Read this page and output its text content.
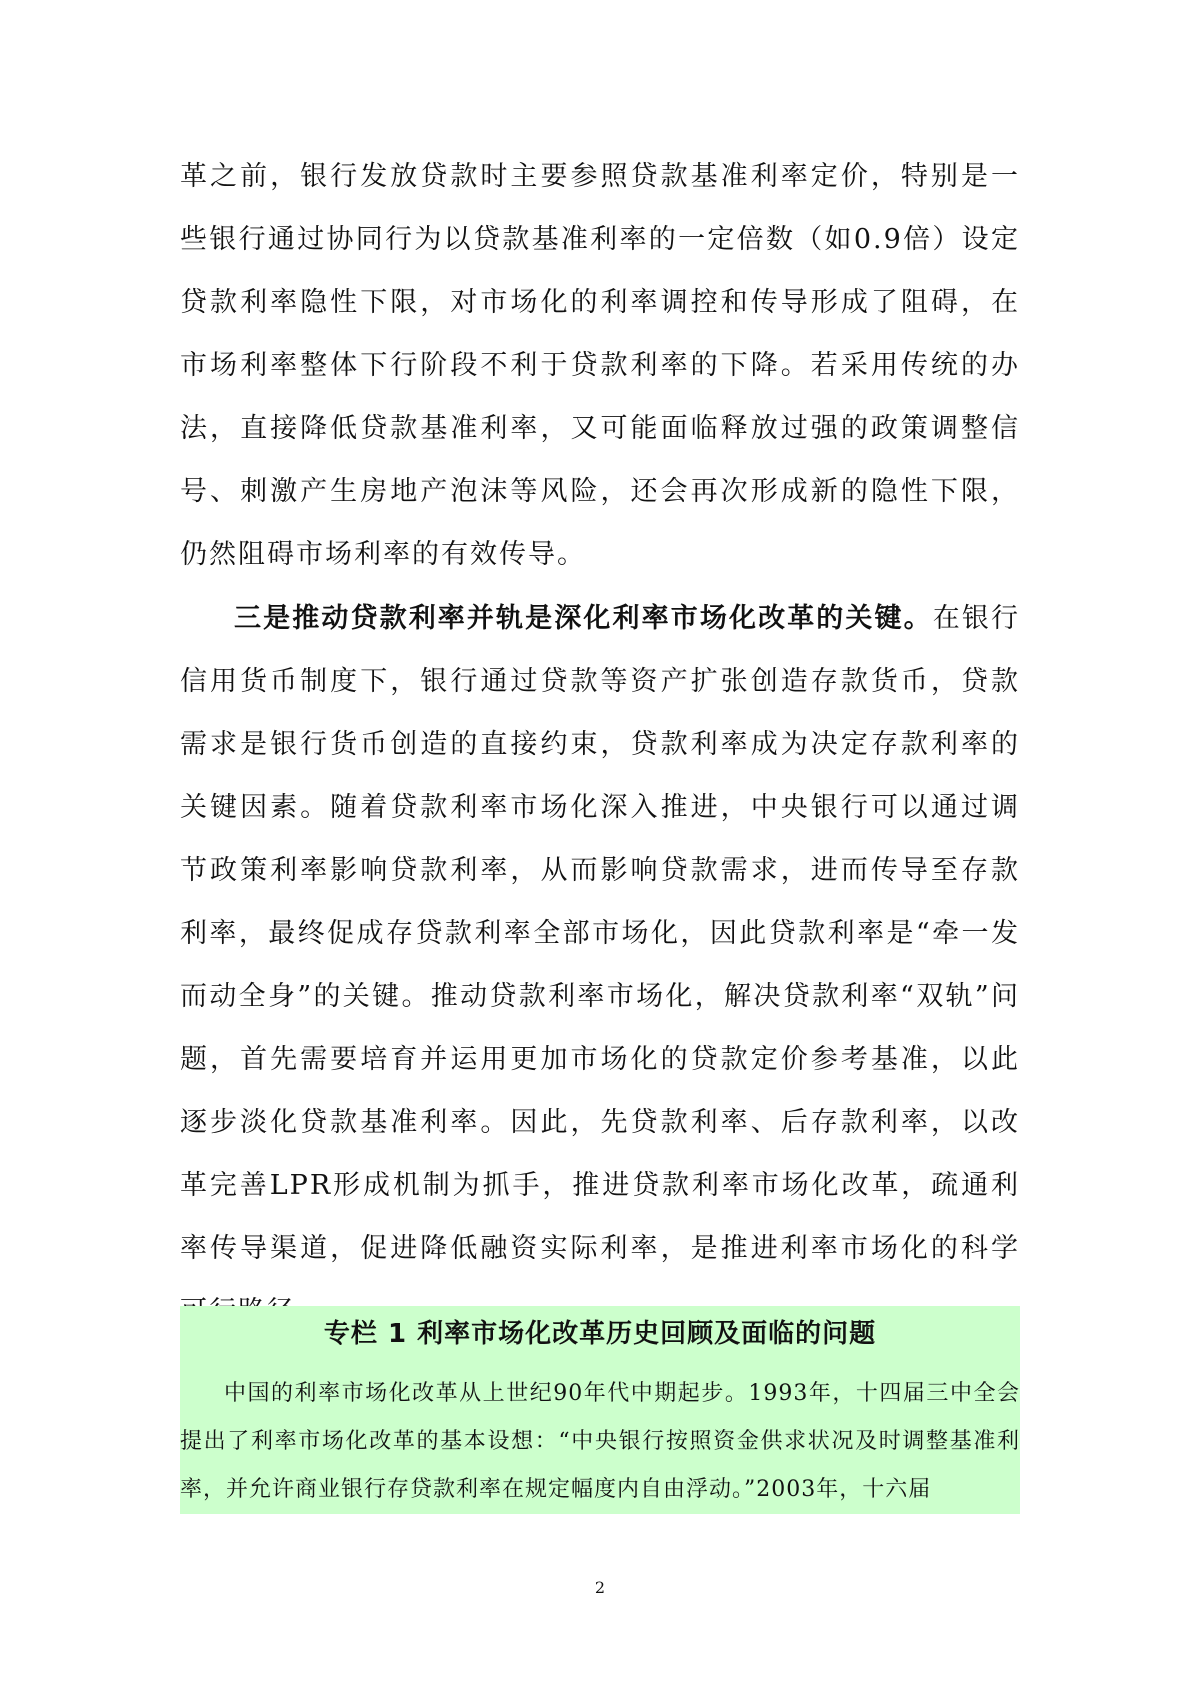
革之前，银行发放贷款时主要参照贷款基准利率定价，特别是一些银行通过协同行为以贷款基准利率的一定倍数（如0.9倍）设定贷款利率隐性下限，对市场化的利率调控和传导形成了阻碍，在市场利率整体下行阶段不利于贷款利率的下降。若采用传统的办法，直接降低贷款基准利率，又可能面临释放过强的政策调整信号、刺激产生房地产泡沫等风险，还会再次形成新的隐性下限，仍然阻碍市场利率的有效传导。

三是推动贷款利率并轨是深化利率市场化改革的关键。在银行信用货币制度下，银行通过贷款等资产扩张创造存款货币，贷款需求是银行货币创造的直接约束，贷款利率成为决定存款利率的关键因素。随着贷款利率市场化深入推进，中央银行可以通过调节政策利率影响贷款利率，从而影响贷款需求，进而传导至存款利率，最终促成存贷款利率全部市场化，因此贷款利率是“牵一发而动全身”的关键。推动贷款利率市场化，解决贷款利率“双轨”问题，首先需要培育并运用更加市场化的贷款定价参考基准，以此逐步淡化贷款基准利率。因此，先贷款利率、后存款利率，以改革完善LPR形成机制为抓手，推进贷款利率市场化改革，疏通利率传导渠道，促进降低融资实际利率，是推进利率市场化的科学

专栏 1 利率市场化改革历史回顾及面临的问题

中国的利率市场化改革从上世纪90年代中期起步。1993年，十四届三中全会提出了利率市场化改革的基本设想：“中央银行按照资金供求状况及时调整基准利率，并允许商业银行存贷款利率在规定幅度内自由浮动。”2003年，十六届

2
